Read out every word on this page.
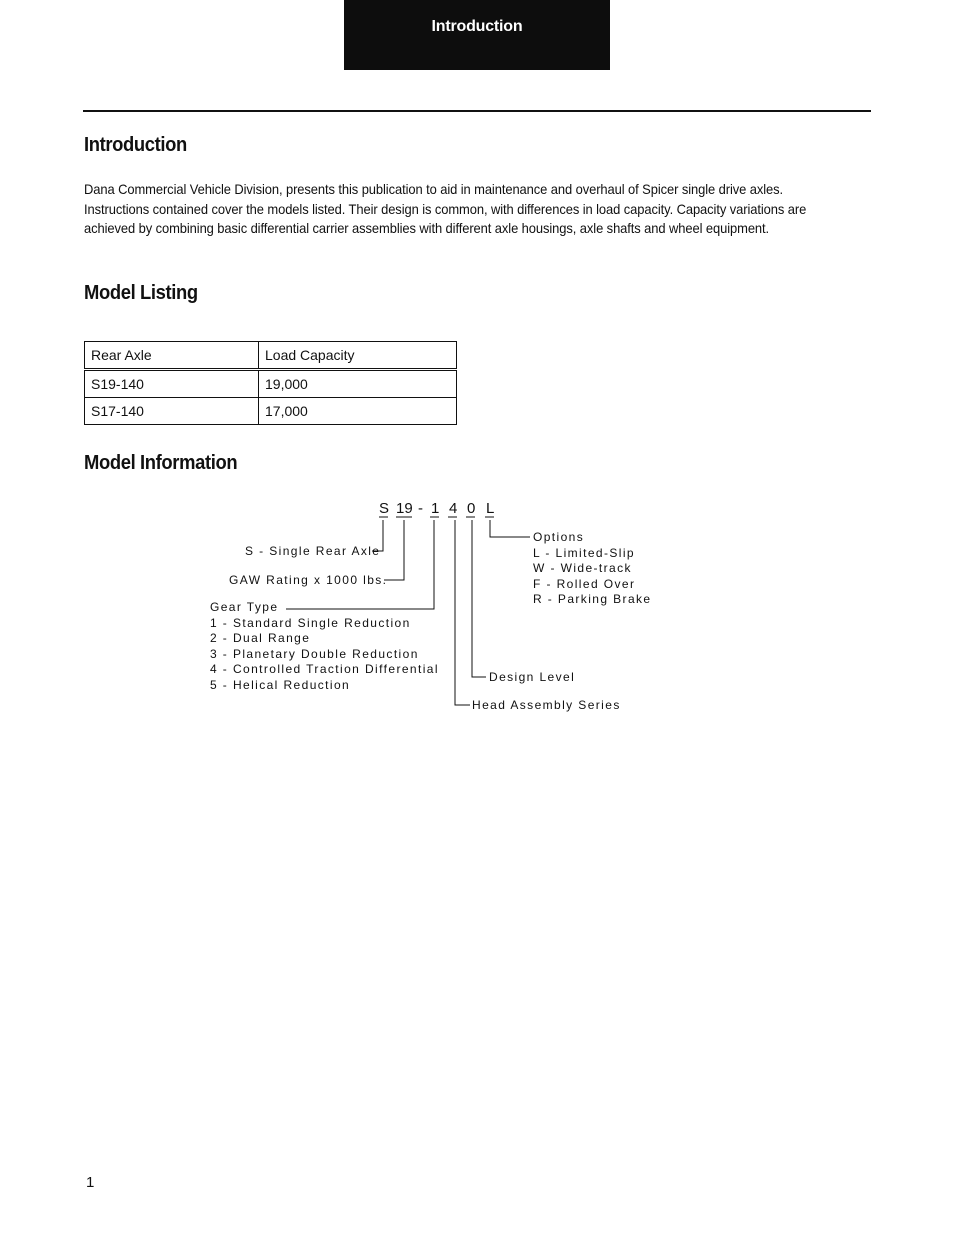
Introduction
Introduction

Dana Commercial Vehicle Division, presents this publication to aid in maintenance and overhaul of Spicer single drive axles. Instructions contained cover the models listed. Their design is common, with differences in load capacity. Capacity variations are achieved by combining basic differential carrier assemblies with different axle housings, axle shafts and wheel equipment.

Model Listing
Rear Axle	Load Capacity
S19-140	19,000
S17-140	17,000
Model Information
S 19 - 1 4 0 L
S - Single Rear Axle
GAW Rating x 1000 lbs.
Gear Type
1 - Standard Single Reduction
2 - Dual Range
3 - Planetary Double Reduction
4 - Controlled Traction Differential
5 - Helical Reduction
Options
L - Limited-Slip
W - Wide-track
F - Rolled Over
R - Parking Brake
Design Level
Head Assembly Series
1
